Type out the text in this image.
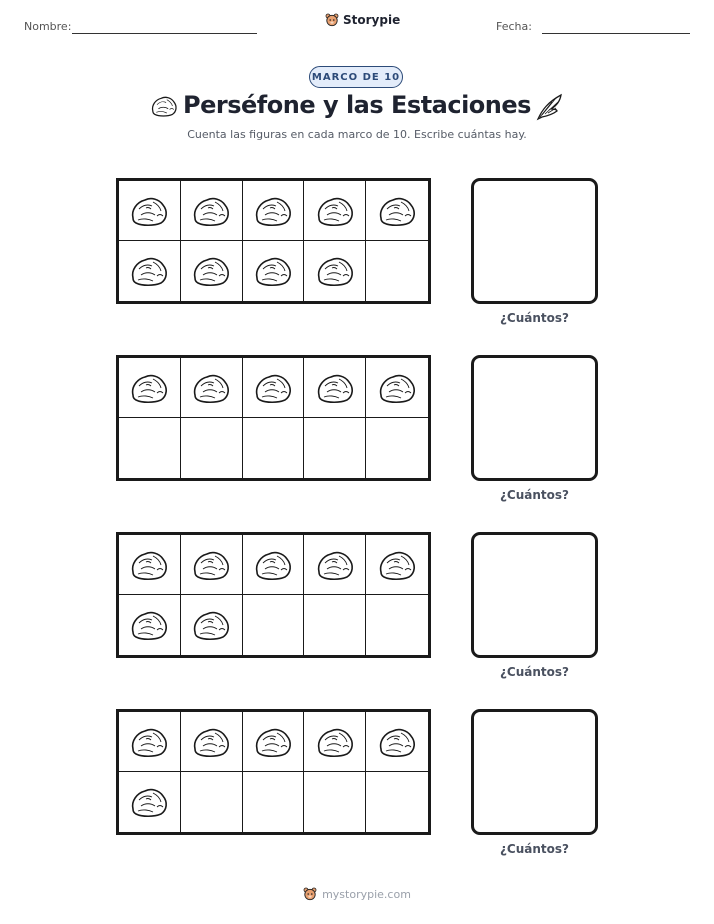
Nombre:	Storypie	Fecha:
MARCO DE 10
Perséfone y las Estaciones
Cuenta las figuras en cada marco de 10. Escribe cuántas hay.
¿Cuántos?
¿Cuántos?
¿Cuántos?
¿Cuántos?
mystorypie.com
